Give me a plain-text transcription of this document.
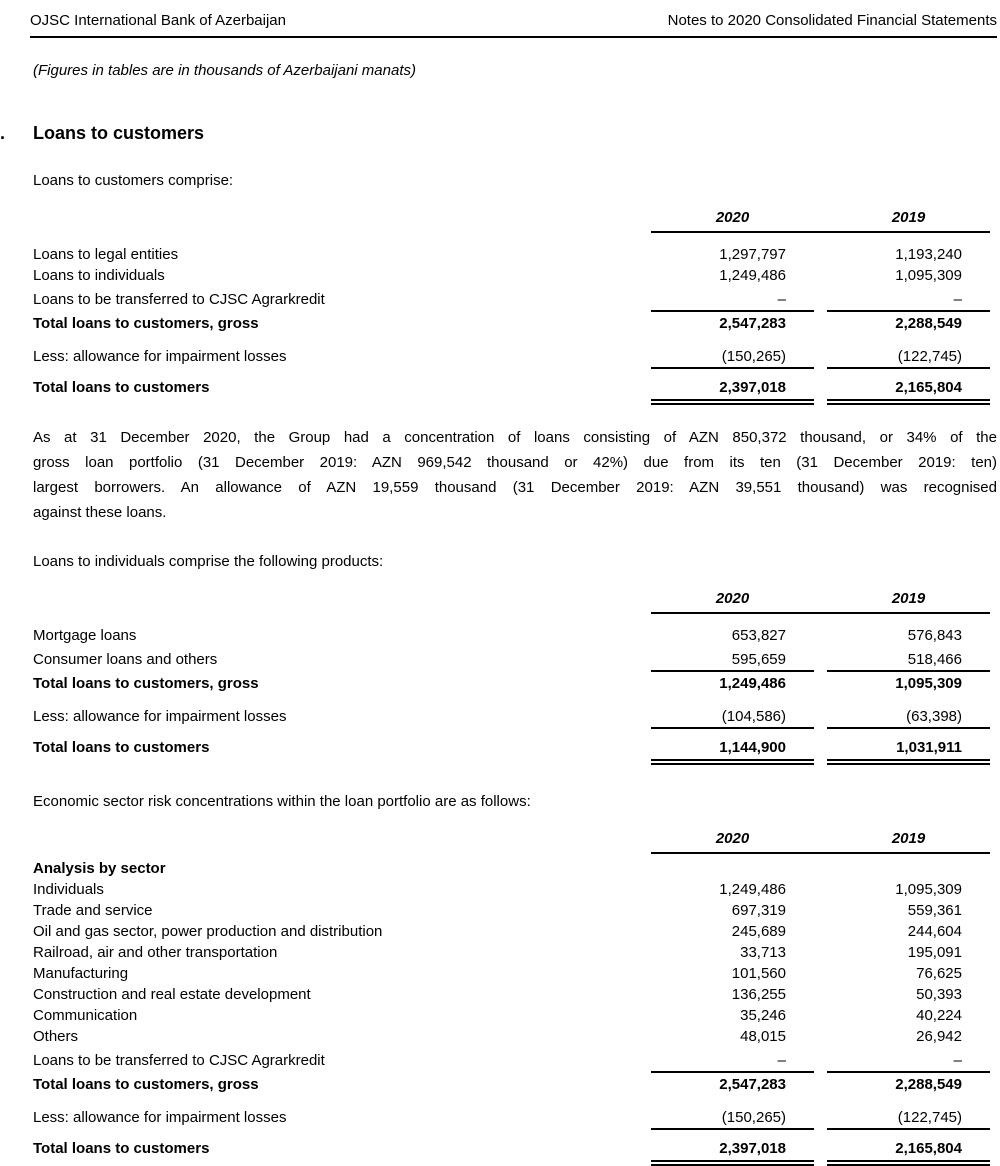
OJSC International Bank of Azerbaijan	Notes to 2020 Consolidated Financial Statements
(Figures in tables are in thousands of Azerbaijani manats)
.	Loans to customers
Loans to customers comprise:
2020	2019
Loans to legal entities	1,297,797	1,193,240
Loans to individuals	1,249,486	1,095,309
Loans to be transferred to CJSC Agrarkredit	–	–
Total loans to customers, gross	2,547,283	2,288,549
Less: allowance for impairment losses	(150,265)	(122,745)
Total loans to customers	2,397,018	2,165,804
As at 31 December 2020, the Group had a concentration of loans consisting of AZN 850,372 thousand, or 34% of the
gross loan portfolio (31 December 2019: AZN 969,542 thousand or 42%) due from its ten (31 December 2019: ten)
largest borrowers. An allowance of AZN 19,559 thousand (31 December 2019: AZN 39,551 thousand) was recognised
against these loans.
Loans to individuals comprise the following products:
2020	2019
Mortgage loans	653,827	576,843
Consumer loans and others	595,659	518,466
Total loans to customers, gross	1,249,486	1,095,309
Less: allowance for impairment losses	(104,586)	(63,398)
Total loans to customers	1,144,900	1,031,911
Economic sector risk concentrations within the loan portfolio are as follows:
2020	2019
Analysis by sector
Individuals	1,249,486	1,095,309
Trade and service	697,319	559,361
Oil and gas sector, power production and distribution	245,689	244,604
Railroad, air and other transportation	33,713	195,091
Manufacturing	101,560	76,625
Construction and real estate development	136,255	50,393
Communication	35,246	40,224
Others	48,015	26,942
Loans to be transferred to CJSC Agrarkredit	–	–
Total loans to customers, gross	2,547,283	2,288,549
Less: allowance for impairment losses	(150,265)	(122,745)
Total loans to customers	2,397,018	2,165,804
